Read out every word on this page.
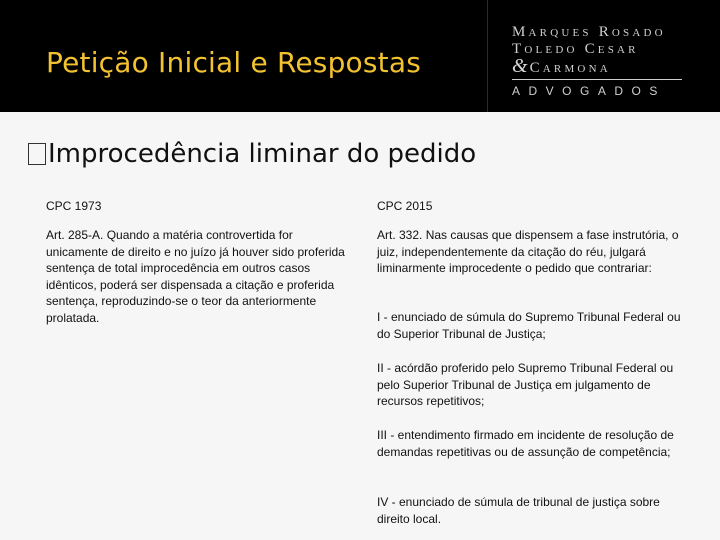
Petição Inicial e Respostas
Marques Rosado
Toledo Cesar
& Carmona
ADVOGADOS
Improcedência liminar do pedido
CPC 1973
Art. 285-A. Quando a matéria controvertida for unicamente de direito e no juízo já houver sido proferida sentença de total improcedência em outros casos idênticos, poderá ser dispensada a citação e proferida sentença, reproduzindo-se o teor da anteriormente prolatada.
CPC 2015
Art. 332. Nas causas que dispensem a fase instrutória, o juiz, independentemente da citação do réu, julgará liminarmente improcedente o pedido que contrariar:
I - enunciado de súmula do Supremo Tribunal Federal ou do Superior Tribunal de Justiça;
II - acórdão proferido pelo Supremo Tribunal Federal ou pelo Superior Tribunal de Justiça em julgamento de recursos repetitivos;
III - entendimento firmado em incidente de resolução de demandas repetitivas ou de assunção de competência;
IV - enunciado de súmula de tribunal de justiça sobre direito local.
